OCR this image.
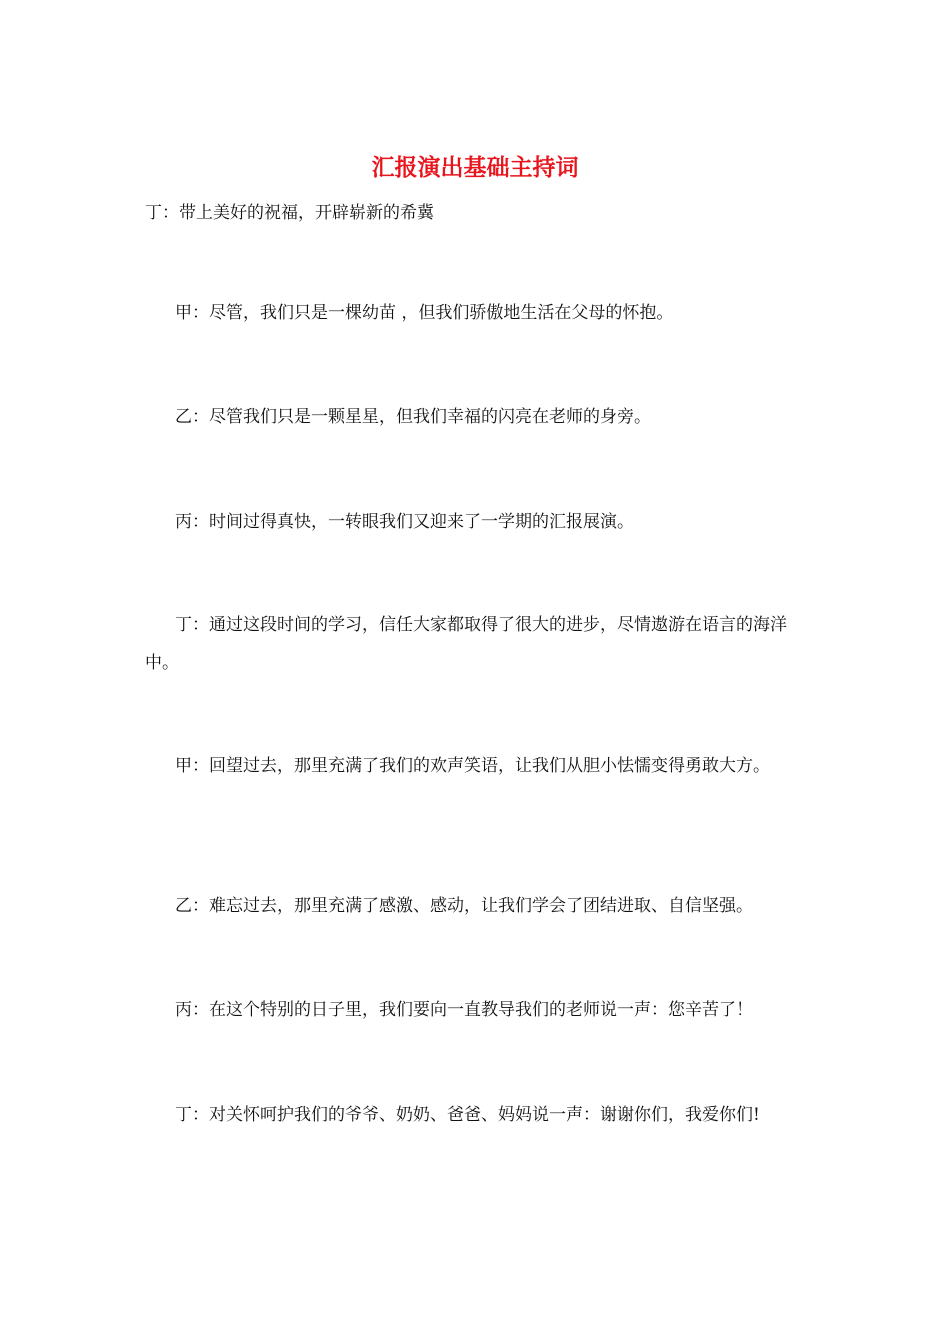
汇报演出基础主持词
丁：带上美好的祝福，开辟崭新的希冀
甲：尽管，我们只是一棵幼苗 ，但我们骄傲地生活在父母的怀抱。
乙：尽管我们只是一颗星星，但我们幸福的闪亮在老师的身旁。
丙：时间过得真快，一转眼我们又迎来了一学期的汇报展演。
丁：通过这段时间的学习，信任大家都取得了很大的进步，尽情遨游在语言的海洋中。
甲：回望过去，那里充满了我们的欢声笑语，让我们从胆小怯懦变得勇敢大方。
乙：难忘过去，那里充满了感激、感动，让我们学会了团结进取、自信坚强。
丙：在这个特别的日子里，我们要向一直教导我们的老师说一声：您辛苦了！
丁：对关怀呵护我们的爷爷、奶奶、爸爸、妈妈说一声：谢谢你们，我爱你们!
